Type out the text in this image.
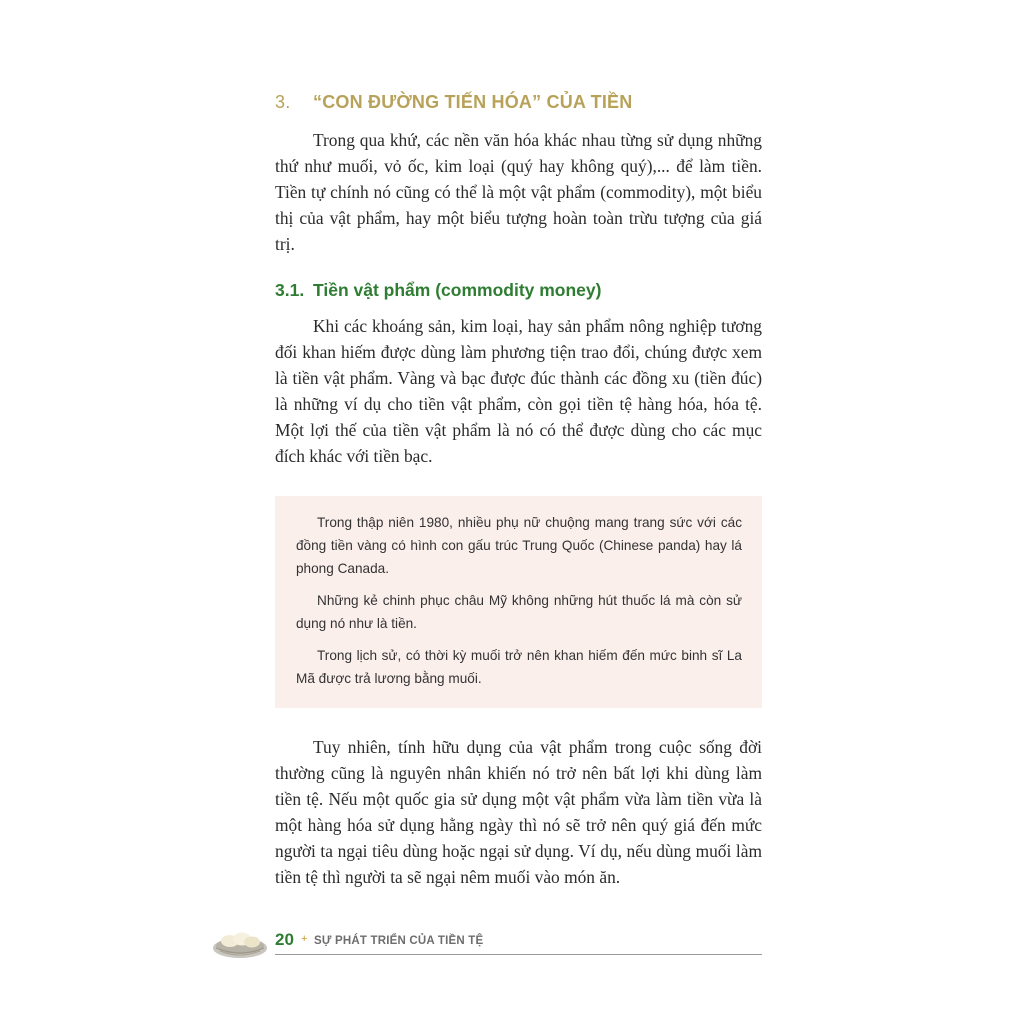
3. “CON ĐƯỜNG TIẾN HÓA” CỦA TIỀN

Trong qua khứ, các nền văn hóa khác nhau từng sử dụng những thứ như muối, vỏ ốc, kim loại (quý hay không quý),... để làm tiền. Tiền tự chính nó cũng có thể là một vật phẩm (commodity), một biểu thị của vật phẩm, hay một biểu tượng hoàn toàn trừu tượng của giá trị.

3.1. Tiền vật phẩm (commodity money)

Khi các khoáng sản, kim loại, hay sản phẩm nông nghiệp tương đối khan hiếm được dùng làm phương tiện trao đổi, chúng được xem là tiền vật phẩm. Vàng và bạc được đúc thành các đồng xu (tiền đúc) là những ví dụ cho tiền vật phẩm, còn gọi tiền tệ hàng hóa, hóa tệ. Một lợi thế của tiền vật phẩm là nó có thể được dùng cho các mục đích khác với tiền bạc.

Trong thập niên 1980, nhiều phụ nữ chuộng mang trang sức với các đồng tiền vàng có hình con gấu trúc Trung Quốc (Chinese panda) hay lá phong Canada.

Những kẻ chinh phục châu Mỹ không những hút thuốc lá mà còn sử dụng nó như là tiền.

Trong lịch sử, có thời kỳ muối trở nên khan hiếm đến mức binh sĩ La Mã được trả lương bằng muối.

Tuy nhiên, tính hữu dụng của vật phẩm trong cuộc sống đời thường cũng là nguyên nhân khiến nó trở nên bất lợi khi dùng làm tiền tệ. Nếu một quốc gia sử dụng một vật phẩm vừa làm tiền vừa là một hàng hóa sử dụng hằng ngày thì nó sẽ trở nên quý giá đến mức người ta ngại tiêu dùng hoặc ngại sử dụng. Ví dụ, nếu dùng muối làm tiền tệ thì người ta sẽ ngại nêm muối vào món ăn.

20 + SỰ PHÁT TRIỂN CỦA TIỀN TỆ
